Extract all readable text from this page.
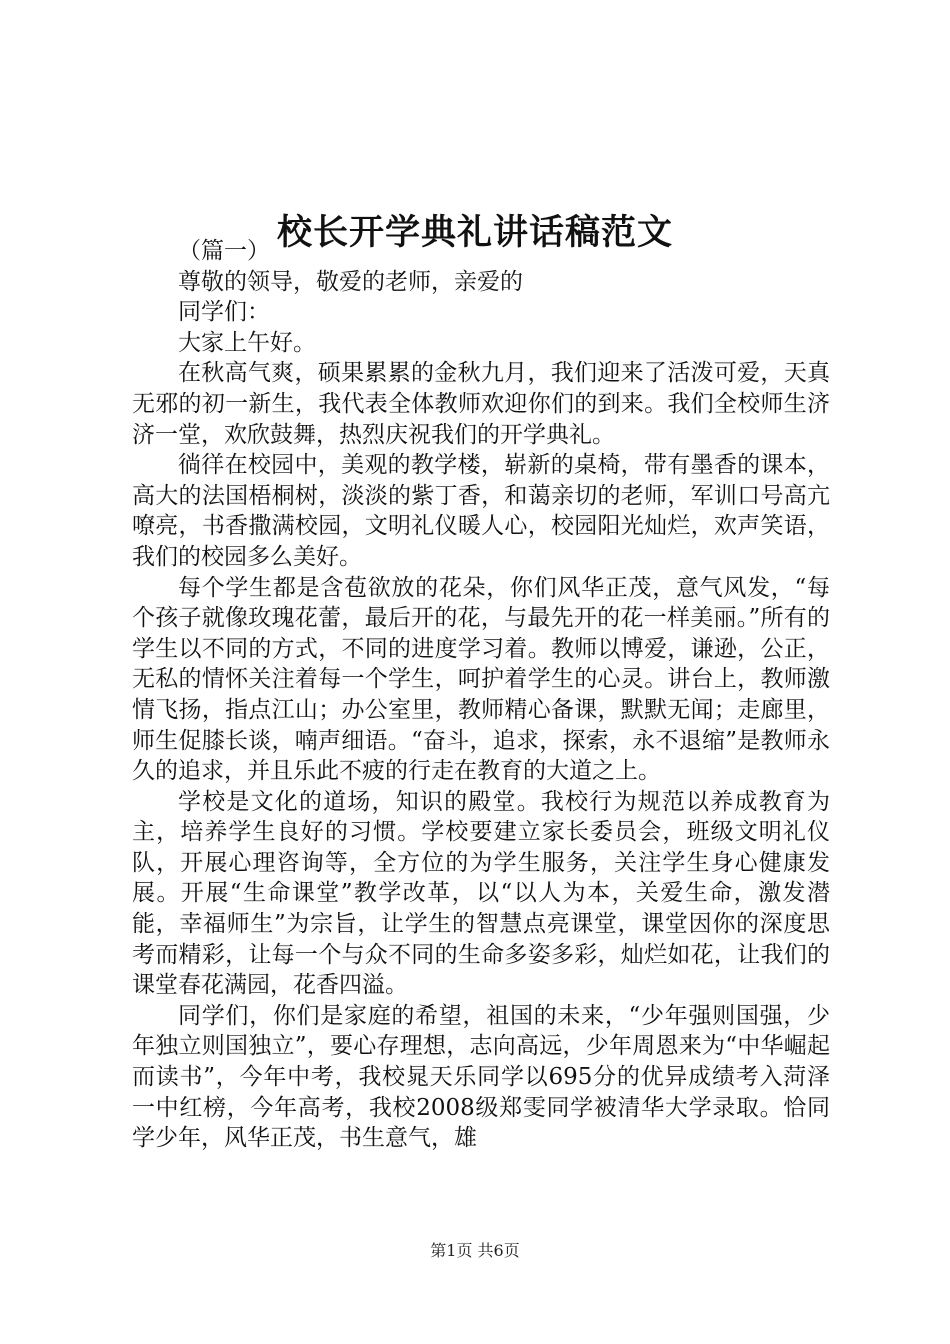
校长开学典礼讲话稿范文

（篇一）

尊敬的领导，敬爱的老师，亲爱的

同学们：

大家上午好。

在秋高气爽，硕果累累的金秋九月，我们迎来了活泼可爱，天真无邪的初一新生，我代表全体教师欢迎你们的到来。我们全校师生济济一堂，欢欣鼓舞，热烈庆祝我们的开学典礼。

徜徉在校园中，美观的教学楼，崭新的桌椅，带有墨香的课本，高大的法国梧桐树，淡淡的紫丁香，和蔼亲切的老师，军训口号高亢嘹亮，书香撒满校园，文明礼仪暖人心，校园阳光灿烂，欢声笑语，我们的校园多么美好。

每个学生都是含苞欲放的花朵，你们风华正茂，意气风发，“每个孩子就像玫瑰花蕾，最后开的花，与最先开的花一样美丽。”所有的学生以不同的方式，不同的进度学习着。教师以博爱，谦逊，公正，无私的情怀关注着每一个学生，呵护着学生的心灵。讲台上，教师激情飞扬，指点江山；办公室里，教师精心备课，默默无闻；走廊里，师生促膝长谈，喃声细语。“奋斗，追求，探索，永不退缩”是教师永久的追求，并且乐此不疲的行走在教育的大道之上。

学校是文化的道场，知识的殿堂。我校行为规范以养成教育为主，培养学生良好的习惯。学校要建立家长委员会，班级文明礼仪队，开展心理咨询等，全方位的为学生服务，关注学生身心健康发展。开展“生命课堂”教学改革，以“以人为本，关爱生命，激发潜能，幸福师生”为宗旨，让学生的智慧点亮课堂，课堂因你的深度思考而精彩，让每一个与众不同的生命多姿多彩，灿烂如花，让我们的课堂春花满园，花香四溢。

同学们，你们是家庭的希望，祖国的未来，“少年强则国强，少年独立则国独立”，要心存理想，志向高远，少年周恩来为“中华崛起而读书”，今年中考，我校晁天乐同学以695分的优异成绩考入菏泽一中红榜，今年高考，我校2008级郑雯同学被清华大学录取。恰同学少年，风华正茂，书生意气，雄

第1页 共6页
